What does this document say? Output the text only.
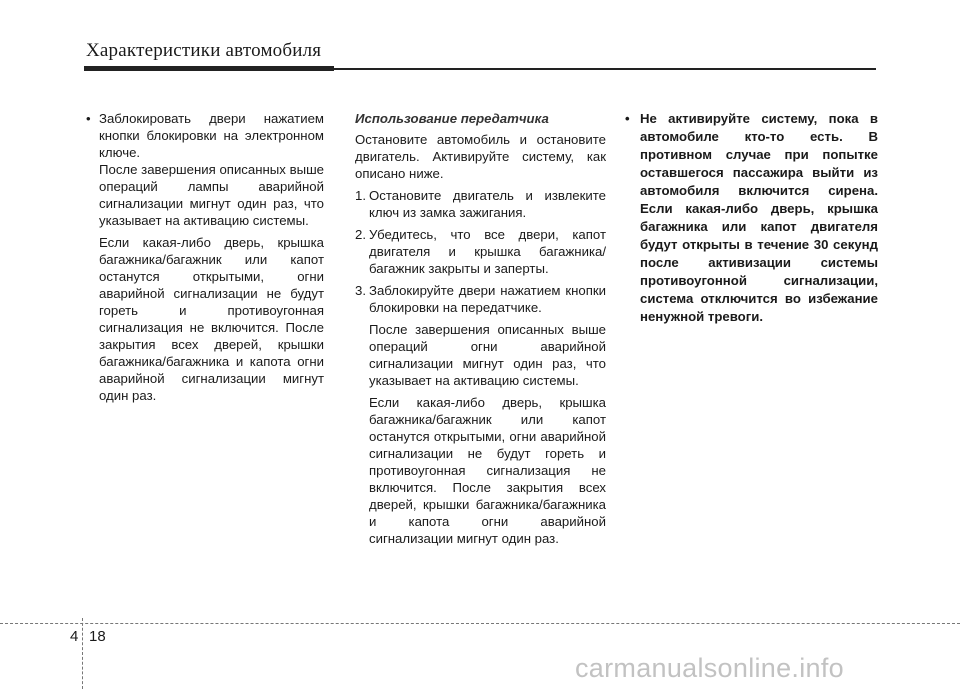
Характеристики автомобиля
• Заблокировать двери нажатием кнопки блокировки на электронном ключе.

После завершения описанных выше операций лампы аварийной сигнализации мигнут один раз, что указывает на активацию системы.

Если какая-либо дверь, крышка багажника/багажник или капот останутся открытыми, огни аварийной сигнализации не будут гореть и противоугонная сигнализация не включится. После закрытия всех дверей, крышки багажника/багажника и капота огни аварийной сигнализации мигнут один раз.

Использование передатчика

Остановите автомобиль и остановите двигатель. Активируйте систему, как описано ниже.

1. Остановите двигатель и извлеките ключ из замка зажигания.
2. Убедитесь, что все двери, капот двигателя и крышка багажника/багажник закрыты и заперты.
3. Заблокируйте двери нажатием кнопки блокировки на передатчике.

После завершения описанных выше операций огни аварийной сигнализации мигнут один раз, что указывает на активацию системы.

Если какая-либо дверь, крышка багажника/багажник или капот останутся открытыми, огни аварийной сигнализации не будут гореть и противоугонная сигнализация не включится. После закрытия всех дверей, крышки багажника/багажника и капота огни аварийной сигнализации мигнут один раз.

• Не активируйте систему, пока в автомобиле кто-то есть. В противном случае при попытке оставшегося пассажира выйти из автомобиля включится сирена. Если какая-либо дверь, крышка багажника или капот двигателя будут открыты в течение 30 секунд после активизации системы противоугонной сигнализации, система отключится во избежание ненужной тревоги.
4 18
carmanualsonline.info
